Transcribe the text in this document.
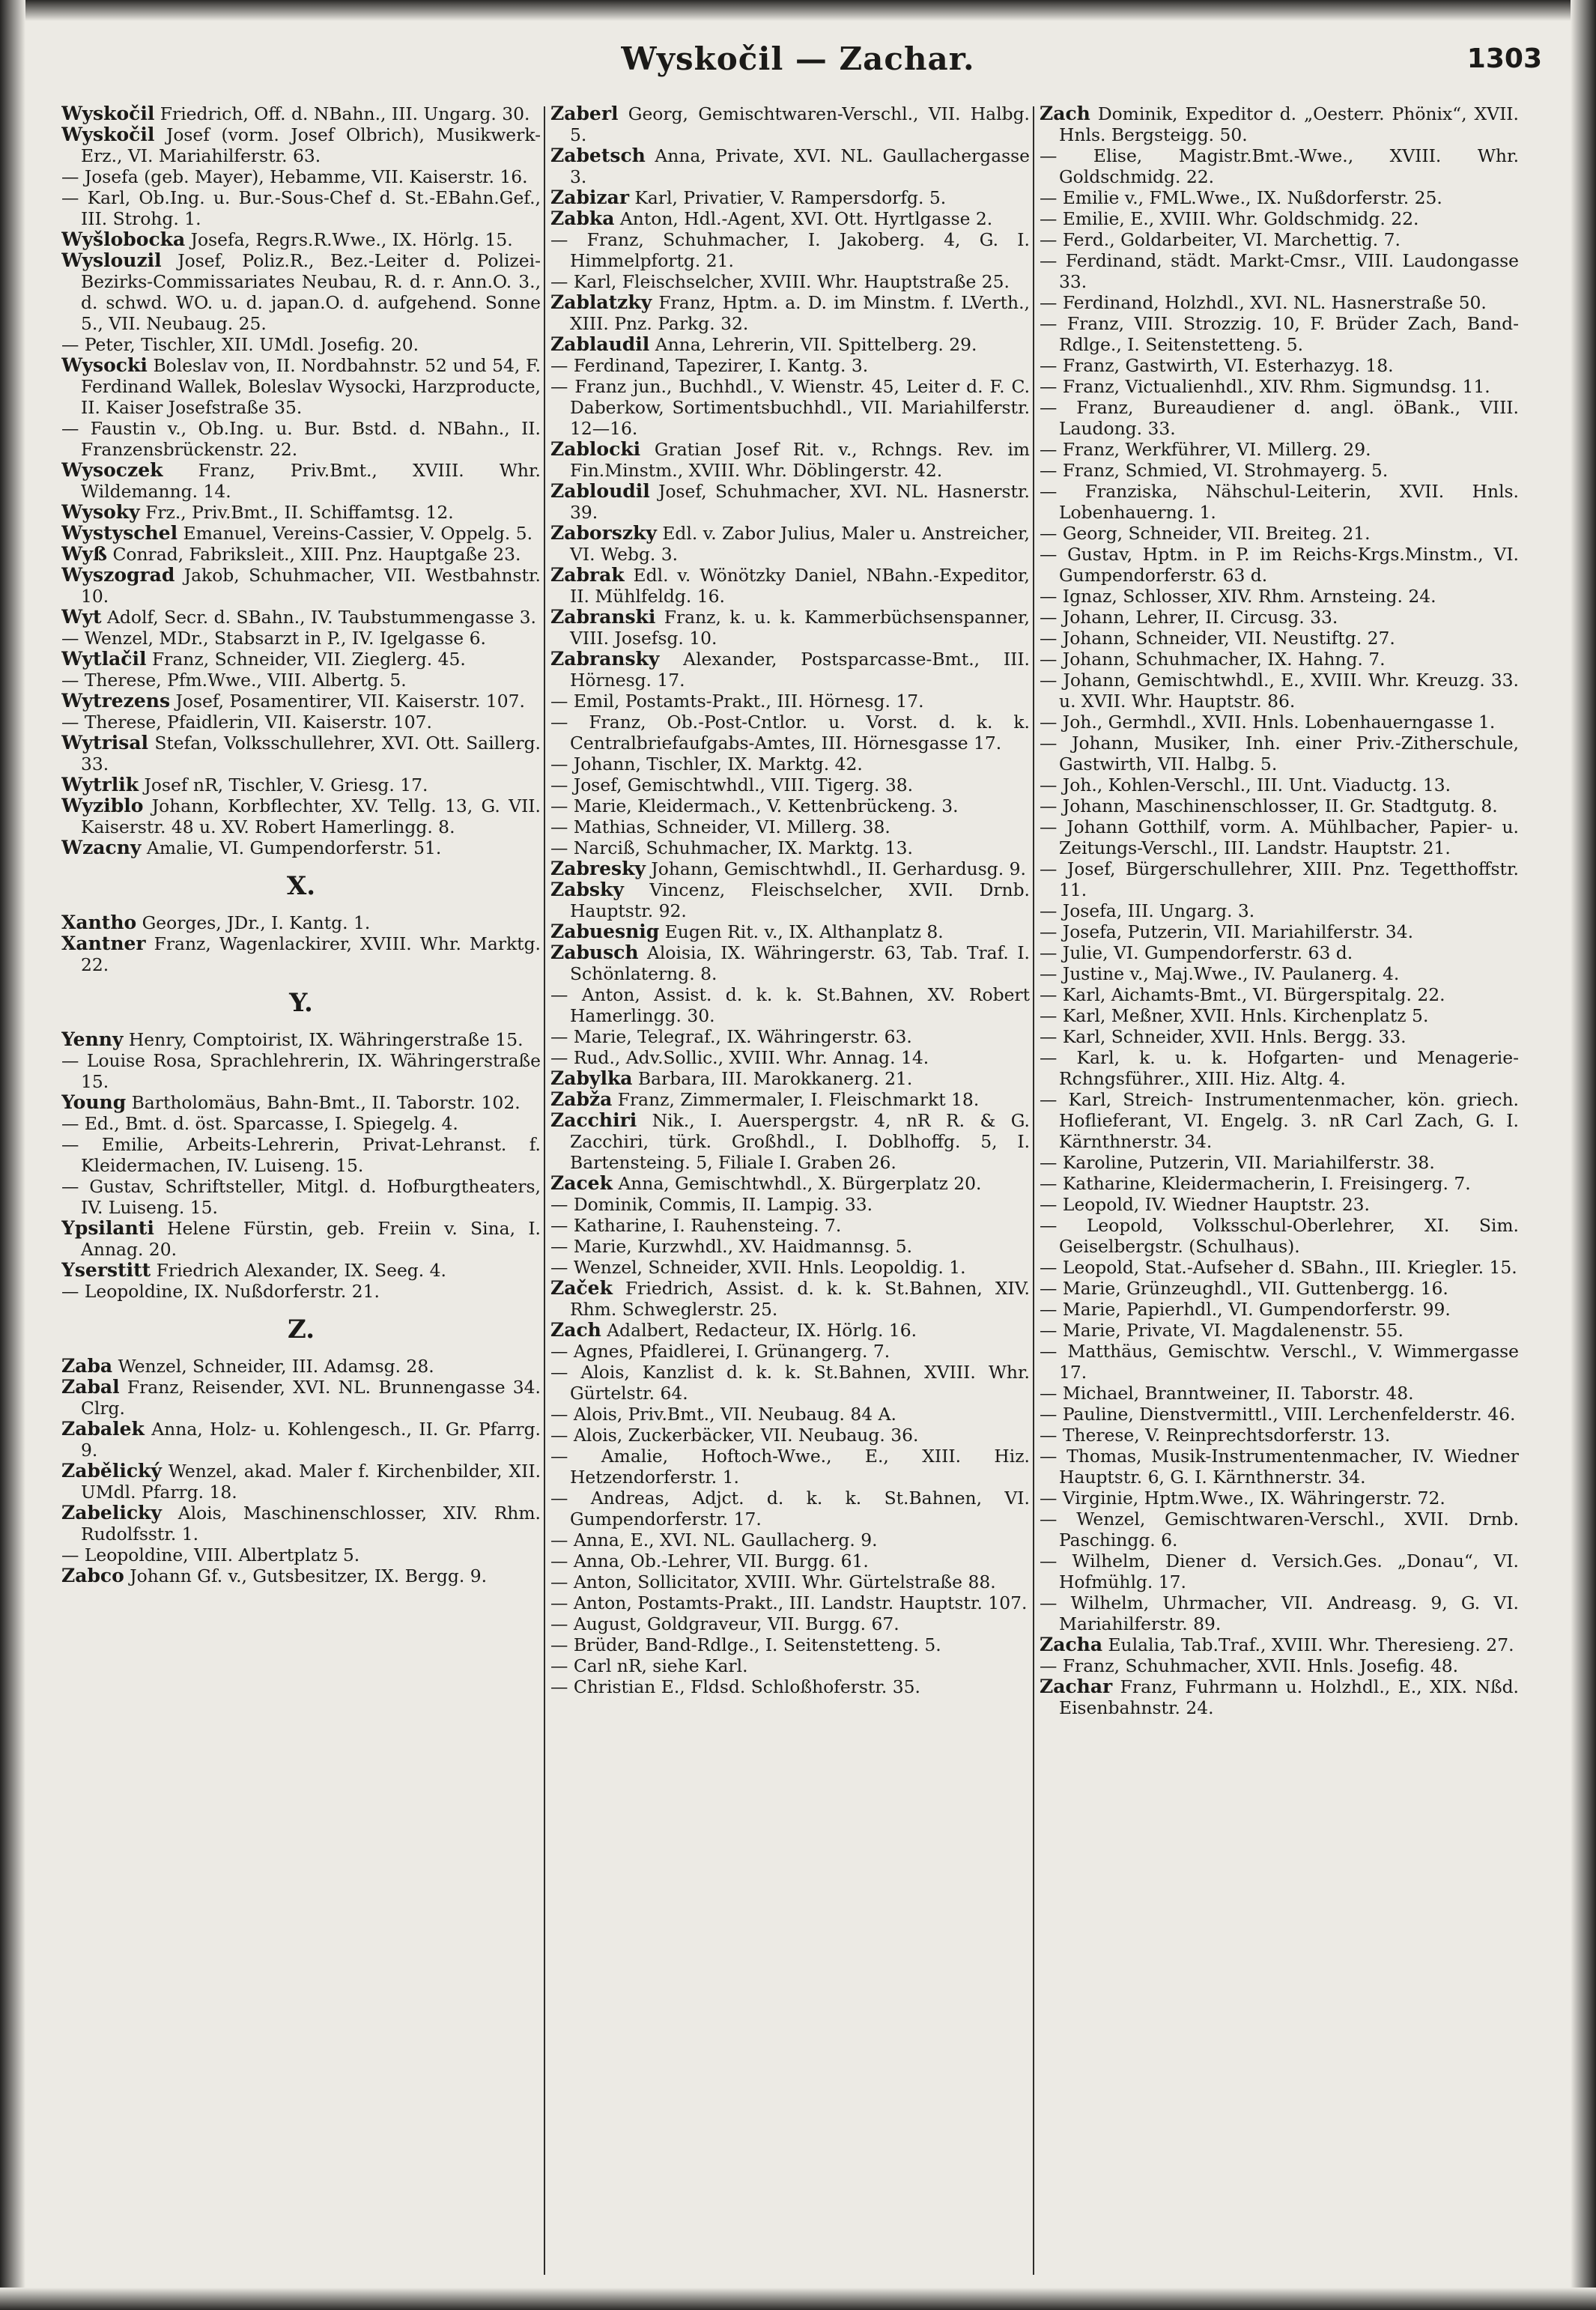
Wyskočil — Zachar.	1303
Wyskočil Friedrich, Off. d. NBahn., III. Ungarg. 30.
Wyskočil Josef (vorm. Josef Olbrich), Musikwerk-Erz., VI. Mariahilferstr. 63.
— Josefa (geb. Mayer), Hebamme, VII. Kaiserstr. 16.
— Karl, Ob.Ing. u. Bur.-Sous-Chef d. St.-EBahn.Gef., III. Strohg. 1.
Wyšlobocka Josefa, Regrs.R.Wwe., IX. Hörlg. 15.
Wyslouzil Josef, Poliz.R., Bez.-Leiter d. Polizei-Bezirks-Commissariates Neubau, R. d. r. Ann.O. 3., d. schwd. WO. u. d. japan.O. d. aufgehend. Sonne 5., VII. Neubaug. 25.
— Peter, Tischler, XII. UMdl. Josefig. 20.
Wysocki Boleslav von, II. Nordbahnstr. 52 und 54, F. Ferdinand Wallek, Boleslav Wysocki, Harzproducte, II. Kaiser Josefstraße 35.
— Faustin v., Ob.Ing. u. Bur. Bstd. d. NBahn., II. Franzensbrückenstr. 22.
Wysoczek Franz, Priv.Bmt., XVIII. Whr. Wildemanng. 14.
Wysoky Frz., Priv.Bmt., II. Schiffamtsg. 12.
Wystyschel Emanuel, Vereins-Cassier, V. Oppelg. 5.
Wyß Conrad, Fabriksleit., XIII. Pnz. Hauptgaße 23.
Wyszograd Jakob, Schuhmacher, VII. Westbahnstr. 10.
Wyt Adolf, Secr. d. SBahn., IV. Taubstummengasse 3.
— Wenzel, MDr., Stabsarzt in P., IV. Igelgasse 6.
Wytlačil Franz, Schneider, VII. Zieglerg. 45.
— Therese, Pfm.Wwe., VIII. Albertg. 5.
Wytrezens Josef, Posamentirer, VII. Kaiserstr. 107.
— Therese, Pfaidlerin, VII. Kaiserstr. 107.
Wytrisal Stefan, Volksschullehrer, XVI. Ott. Saillerg. 33.
Wytrlik Josef nR, Tischler, V. Griesg. 17.
Wyziblo Johann, Korbflechter, XV. Tellg. 13, G. VII. Kaiserstr. 48 u. XV. Robert Hamerlingg. 8.
Wzacny Amalie, VI. Gumpendorferstr. 51.
X.
Xantho Georges, JDr., I. Kantg. 1.
Xantner Franz, Wagenlackirer, XVIII. Whr. Marktg. 22.
Y.
Yenny Henry, Comptoirist, IX. Währingerstraße 15.
— Louise Rosa, Sprachlehrerin, IX. Währingerstraße 15.
Young Bartholomäus, Bahn-Bmt., II. Taborstr. 102.
— Ed., Bmt. d. öst. Sparcasse, I. Spiegelg. 4.
— Emilie, Arbeits-Lehrerin, Privat-Lehranst. f. Kleidermachen, IV. Luiseng. 15.
— Gustav, Schriftsteller, Mitgl. d. Hofburgtheaters, IV. Luiseng. 15.
Ypsilanti Helene Fürstin, geb. Freiin v. Sina, I. Annag. 20.
Yserstitt Friedrich Alexander, IX. Seeg. 4.
— Leopoldine, IX. Nußdorferstr. 21.
Z.
Zaba Wenzel, Schneider, III. Adamsg. 28.
Zabal Franz, Reisender, XVI. NL. Brunnengasse 34. Clrg.
Zabalek Anna, Holz- u. Kohlengesch., II. Gr. Pfarrg. 9.
Zabělický Wenzel, akad. Maler f. Kirchenbilder, XII. UMdl. Pfarrg. 18.
Zabelicky Alois, Maschinenschlosser, XIV. Rhm. Rudolfsstr. 1.
— Leopoldine, VIII. Albertplatz 5.
Zabco Johann Gf. v., Gutsbesitzer, IX. Bergg. 9.
Zaberl Georg, Gemischtwaren-Verschl., VII. Halbg. 5.
Zabetsch Anna, Private, XVI. NL. Gaullachergasse 3.
Zabizar Karl, Privatier, V. Rampersdorfg. 5.
Zabka Anton, Hdl.-Agent, XVI. Ott. Hyrtlgasse 2.
— Franz, Schuhmacher, I. Jakoberg. 4, G. I. Himmelpfortg. 21.
— Karl, Fleischselcher, XVIII. Whr. Hauptstraße 25.
Zablatzky Franz, Hptm. a. D. im Minstm. f. LVerth., XIII. Pnz. Parkg. 32.
Zablaudil Anna, Lehrerin, VII. Spittelberg. 29.
— Ferdinand, Tapezirer, I. Kantg. 3.
— Franz jun., Buchhdl., V. Wienstr. 45, Leiter d. F. C. Daberkow, Sortimentsbuchhdl., VII. Mariahilferstr. 12—16.
Zablocki Gratian Josef Rit. v., Rchngs. Rev. im Fin.Minstm., XVIII. Whr. Döblingerstr. 42.
Zabloudil Josef, Schuhmacher, XVI. NL. Hasnerstr. 39.
Zaborszky Edl. v. Zabor Julius, Maler u. Anstreicher, VI. Webg. 3.
Zabrak Edl. v. Wönötzky Daniel, NBahn.-Expeditor, II. Mühlfeldg. 16.
Zabranski Franz, k. u. k. Kammerbüchsenspanner, VIII. Josefsg. 10.
Zabransky Alexander, Postsparcasse-Bmt., III. Hörnesg. 17.
— Emil, Postamts-Prakt., III. Hörnesg. 17.
— Franz, Ob.-Post-Cntlor. u. Vorst. d. k. k. Centralbriefaufgabs-Amtes, III. Hörnesgasse 17.
— Johann, Tischler, IX. Marktg. 42.
— Josef, Gemischtwhdl., VIII. Tigerg. 38.
— Marie, Kleidermach., V. Kettenbrückeng. 3.
— Mathias, Schneider, VI. Millerg. 38.
— Narciß, Schuhmacher, IX. Marktg. 13.
Zabresky Johann, Gemischtwhdl., II. Gerhardusg. 9.
Zabsky Vincenz, Fleischselcher, XVII. Drnb. Hauptstr. 92.
Zabuesnig Eugen Rit. v., IX. Althanplatz 8.
Zabusch Aloisia, IX. Währingerstr. 63, Tab. Traf. I. Schönlaterng. 8.
— Anton, Assist. d. k. k. St.Bahnen, XV. Robert Hamerlingg. 30.
— Marie, Telegraf., IX. Währingerstr. 63.
— Rud., Adv.Sollic., XVIII. Whr. Annag. 14.
Zabylka Barbara, III. Marokkanerg. 21.
Zabža Franz, Zimmermaler, I. Fleischmarkt 18.
Zacchiri Nik., I. Auerspergstr. 4, nR R. & G. Zacchiri, türk. Großhdl., I. Doblhoffg. 5, I. Bartensteing. 5, Filiale I. Graben 26.
Zacek Anna, Gemischtwhdl., X. Bürgerplatz 20.
— Dominik, Commis, II. Lampig. 33.
— Katharine, I. Rauhensteing. 7.
— Marie, Kurzwhdl., XV. Haidmannsg. 5.
— Wenzel, Schneider, XVII. Hnls. Leopoldig. 1.
Začek Friedrich, Assist. d. k. k. St.Bahnen, XIV. Rhm. Schweglerstr. 25.
Zach Adalbert, Redacteur, IX. Hörlg. 16.
— Agnes, Pfaidlerei, I. Grünangerg. 7.
— Alois, Kanzlist d. k. k. St.Bahnen, XVIII. Whr. Gürtelstr. 64.
— Alois, Priv.Bmt., VII. Neubaug. 84 A.
— Alois, Zuckerbäcker, VII. Neubaug. 36.
— Amalie, Hoftoch-Wwe., E., XIII. Hiz. Hetzendorferstr. 1.
— Andreas, Adjct. d. k. k. St.Bahnen, VI. Gumpendorferstr. 17.
— Anna, E., XVI. NL. Gaullacherg. 9.
— Anna, Ob.-Lehrer, VII. Burgg. 61.
— Anton, Sollicitator, XVIII. Whr. Gürtelstraße 88.
— Anton, Postamts-Prakt., III. Landstr. Hauptstr. 107.
— August, Goldgraveur, VII. Burgg. 67.
— Brüder, Band-Rdlge., I. Seitenstetteng. 5.
— Carl nR, siehe Karl.
— Christian E., Fldsd. Schloßhoferstr. 35.
Zach Dominik, Expeditor d. „Oesterr. Phönix“, XVII. Hnls. Bergsteigg. 50.
— Elise, Magistr.Bmt.-Wwe., XVIII. Whr. Goldschmidg. 22.
— Emilie v., FML.Wwe., IX. Nußdorferstr. 25.
— Emilie, E., XVIII. Whr. Goldschmidg. 22.
— Ferd., Goldarbeiter, VI. Marchettig. 7.
— Ferdinand, städt. Markt-Cmsr., VIII. Laudongasse 33.
— Ferdinand, Holzhdl., XVI. NL. Hasnerstraße 50.
— Franz, VIII. Strozzig. 10, F. Brüder Zach, Band-Rdlge., I. Seitenstetteng. 5.
— Franz, Gastwirth, VI. Esterhazyg. 18.
— Franz, Victualienhdl., XIV. Rhm. Sigmundsg. 11.
— Franz, Bureaudiener d. angl. öBank., VIII. Laudong. 33.
— Franz, Werkführer, VI. Millerg. 29.
— Franz, Schmied, VI. Strohmayerg. 5.
— Franziska, Nähschul-Leiterin, XVII. Hnls. Lobenhauerng. 1.
— Georg, Schneider, VII. Breiteg. 21.
— Gustav, Hptm. in P. im Reichs-Krgs.Minstm., VI. Gumpendorferstr. 63 d.
— Ignaz, Schlosser, XIV. Rhm. Arnsteing. 24.
— Johann, Lehrer, II. Circusg. 33.
— Johann, Schneider, VII. Neustiftg. 27.
— Johann, Schuhmacher, IX. Hahng. 7.
— Johann, Gemischtwhdl., E., XVIII. Whr. Kreuzg. 33. u. XVII. Whr. Hauptstr. 86.
— Joh., Germhdl., XVII. Hnls. Lobenhauerngasse 1.
— Johann, Musiker, Inh. einer Priv.-Zitherschule, Gastwirth, VII. Halbg. 5.
— Joh., Kohlen-Verschl., III. Unt. Viaductg. 13.
— Johann, Maschinenschlosser, II. Gr. Stadtgutg. 8.
— Johann Gotthilf, vorm. A. Mühlbacher, Papier- u. Zeitungs-Verschl., III. Landstr. Hauptstr. 21.
— Josef, Bürgerschullehrer, XIII. Pnz. Tegetthoffstr. 11.
— Josefa, III. Ungarg. 3.
— Josefa, Putzerin, VII. Mariahilferstr. 34.
— Julie, VI. Gumpendorferstr. 63 d.
— Justine v., Maj.Wwe., IV. Paulanerg. 4.
— Karl, Aichamts-Bmt., VI. Bürgerspitalg. 22.
— Karl, Meßner, XVII. Hnls. Kirchenplatz 5.
— Karl, Schneider, XVII. Hnls. Bergg. 33.
— Karl, k. u. k. Hofgarten- und Menagerie-Rchngsführer., XIII. Hiz. Altg. 4.
— Karl, Streich- Instrumentenmacher, kön. griech. Hoflieferant, VI. Engelg. 3. nR Carl Zach, G. I. Kärnthnerstr. 34.
— Karoline, Putzerin, VII. Mariahilferstr. 38.
— Katharine, Kleidermacherin, I. Freisingerg. 7.
— Leopold, IV. Wiedner Hauptstr. 23.
— Leopold, Volksschul-Oberlehrer, XI. Sim. Geiselbergstr. (Schulhaus).
— Leopold, Stat.-Aufseher d. SBahn., III. Kriegler. 15.
— Marie, Grünzeughdl., VII. Guttenbergg. 16.
— Marie, Papierhdl., VI. Gumpendorferstr. 99.
— Marie, Private, VI. Magdalenenstr. 55.
— Matthäus, Gemischtw. Verschl., V. Wimmergasse 17.
— Michael, Branntweiner, II. Taborstr. 48.
— Pauline, Dienstvermittl., VIII. Lerchenfelderstr. 46.
— Therese, V. Reinprechtsdorferstr. 13.
— Thomas, Musik-Instrumentenmacher, IV. Wiedner Hauptstr. 6, G. I. Kärnthnerstr. 34.
— Virginie, Hptm.Wwe., IX. Währingerstr. 72.
— Wenzel, Gemischtwaren-Verschl., XVII. Drnb. Paschingg. 6.
— Wilhelm, Diener d. Versich.Ges. „Donau“, VI. Hofmühlg. 17.
— Wilhelm, Uhrmacher, VII. Andreasg. 9, G. VI. Mariahilferstr. 89.
Zacha Eulalia, Tab.Traf., XVIII. Whr. Theresieng. 27.
— Franz, Schuhmacher, XVII. Hnls. Josefig. 48.
Zachar Franz, Fuhrmann u. Holzhdl., E., XIX. Nßd. Eisenbahnstr. 24.
